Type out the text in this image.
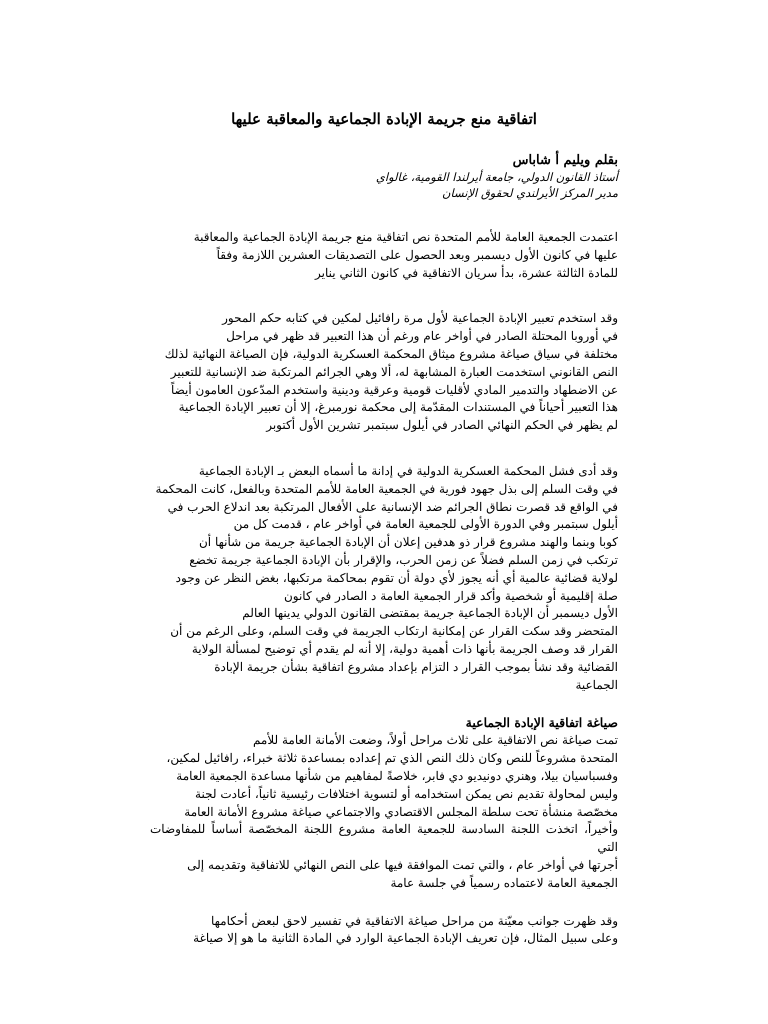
اتفاقية منع جريمة الإبادة الجماعية والمعاقبة عليها

بقلم ويليم أ شاباس

أستاذ القانون الدولي، جامعة أيرلندا القومية، غالواي

مدير المركز الأيرلندي لحقوق الإنسان

اعتمدت الجمعية العامة للأمم المتحدة نص اتفاقية منع جريمة الإبادة الجماعية والمعاقبة
عليها في كانون الأول ديسمبر وبعد الحصول على التصديقات العشرين اللازمة وفقاً
للمادة الثالثة عشرة، بدأ سريان الاتفاقية في كانون الثاني يناير

وقد استخدم تعبير الإبادة الجماعية لأول مرة رافائيل لمكين في كتابه حكم المحور
في أوروبا المحتلة الصادر في أواخر عام ورغم أن هذا التعبير قد ظهر في مراحل
مختلفة في سياق صياغة مشروع ميثاق المحكمة العسكرية الدولية، فإن الصياغة النهائية لذلك
النص القانوني استخدمت العبارة المشابهة له، ألا وهي الجرائم المرتكبة ضد الإنسانية للتعبير
عن الاضطهاد والتدمير المادي لأقليات قومية وعرقية ودينية واستخدم المدّعون العامون أيضاً
هذا التعبير أحياناً في المستندات المقدّمة إلى محكمة نورمبرغ، إلا أن تعبير الإبادة الجماعية
لم يظهر في الحكم النهائي الصادر في أيلول سبتمبر تشرين الأول أكتوبر

وقد أدى فشل المحكمة العسكرية الدولية في إدانة ما أسماه البعض بـ الإبادة الجماعية
في وقت السلم إلى بذل جهود فورية في الجمعية العامة للأمم المتحدة وبالفعل، كانت المحكمة
في الواقع قد قصرت نطاق الجرائم ضد الإنسانية على الأفعال المرتكبة بعد اندلاع الحرب في
أيلول سبتمبر وفي الدورة الأولى للجمعية العامة في أواخر عام ، قدمت كل من
كوبا وبنما والهند مشروع قرار ذو هدفين إعلان أن الإبادة الجماعية جريمة من شأنها أن
ترتكب في زمن السلم فضلاً عن زمن الحرب، والإقرار بأن الإبادة الجماعية جريمة تخضع
لولاية قضائية عالمية أي أنه يجوز لأي دولة أن تقوم بمحاكمة مرتكبها، بغض النظر عن وجود
صلة إقليمية أو شخصية وأكد قرار الجمعية العامة د الصادر في كانون
الأول ديسمبر أن الإبادة الجماعية جريمة بمقتضى القانون الدولي يدينها العالم
المتحضر وقد سكت القرار عن إمكانية ارتكاب الجريمة في وقت السلم، وعلى الرغم من أن
القرار قد وصف الجريمة بأنها ذات أهمية دولية، إلا أنه لم يقدم أي توضيح لمسألة الولاية
القضائية وقد نشأ بموجب القرار د التزام بإعداد مشروع اتفاقية بشأن جريمة الإبادة
الجماعية

صياغة اتفاقية الإبادة الجماعية

تمت صياغة نص الاتفاقية على ثلاث مراحل أولاً، وضعت الأمانة العامة للأمم
المتحدة مشروعاً للنص وكان ذلك النص الذي تم إعداده بمساعدة ثلاثة خبراء، رافائيل لمكين،
وفسباسيان بيلا، وهنري دونيديو دي فابر، خلاصةً لمفاهيم من شأنها مساعدة الجمعية العامة
وليس لمحاولة تقديم نص يمكن استخدامه أو لتسوية اختلافات رئيسية ثانياً، أعادت لجنة
مخصّصة منشأة تحت سلطة المجلس الاقتصادي والاجتماعي صياغة مشروع الأمانة العامة
وأخيراً، اتخذت اللجنة السادسة للجمعية العامة مشروع اللجنة المخصّصة أساساً للمفاوضات التي
أجرتها في أواخر عام ، والتي تمت الموافقة فيها على النص النهائي للاتفاقية وتقديمه إلى
الجمعية العامة لاعتماده رسمياً في جلسة عامة

وقد ظهرت جوانب معيّنة من مراحل صياغة الاتفاقية في تفسير لاحق لبعض أحكامها
وعلى سبيل المثال، فإن تعريف الإبادة الجماعية الوارد في المادة الثانية ما هو إلا صياغة
